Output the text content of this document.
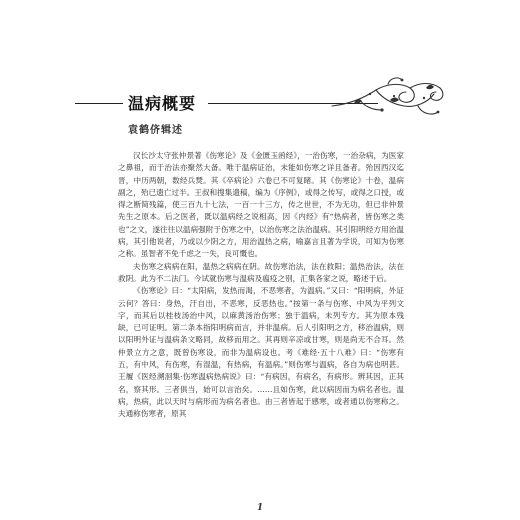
温病概要
袁鹤侪辑述

汉长沙太守张仲景著《伤寒论》及《金匮玉函经》，一治伤寒，一治杂病，为医家之鼻祖，而于治法亦聚然大备。唯于温病证治，未能如伤寒之详且备者。殆因西汉迄晋，中历两朝，数经兵燹。其《卒病论》六卷已不可复睹。其《伤寒论》十卷，温病副之，殆已遗亡过半。王叔和搜集遗稿，编为《序例》，或得之传写，或得之口授，或得之断简残篇，使三百九十七法，一百一十三方，传之世世，不为无功，但已非仲景先生之原本。后之医者，既以温病经之说相高，因《内经》有“热病者，皆伤寒之类也”之文，遂往往以温病强附于伤寒之中，以治伤寒之法治温病。其引阳明经方用治温病，其引他说者，乃或以少阴之方，用治温热之病，喻嘉言且著为学说，可知为伤寒之称。虽智者不免千虑之一失，良可慨也。

夫伤寒之病病在阳，温热之病病在阴。故伤寒治法，法在救阳；温热治法，法在救阴。此为不二法门。今试就伤寒与温病及瘟疫之别，汇集各家之说，略述于后。

《伤寒论》曰：“太阳病，发热而渴，不恶寒者，为温病。”又曰：“阳明病，外证云何？答曰：身热，汗自出，不恶寒，反恶热也。”按第一条与伤寒、中风为平列文字，而其后以桂枝汤治中风，以麻黄汤治伤寒；独于温病，未列专方。其为原本残缺，已可证明。第二条本指阳明病而言，并非温病。后人引阳明之方，移治温病，则以阳明外证与温病条文略同，故移而用之。其再则辛凉或甘寒，则是尚无不合耳。然仲景立方之意，既曾伤寒设，而非为温病设也。考《难经·五十八难》曰：“伤寒有五，有中风，有伤寒，有湿温，有热病，有温病。”则伤寒与温病，各自为病也明甚。王履《医经溯洄集·伤寒温病热病说》曰：“有病因，有病名，有病形。辨其因，正其名，察其形。三者俱当，始可以言治矣。……且如伤寒，此以病因而为病名者也。温病，热病，此以天时与病形而为病名者也。由三者皆起于感寒，或者通以伤寒称之。夫通称伤寒者，原其

1
